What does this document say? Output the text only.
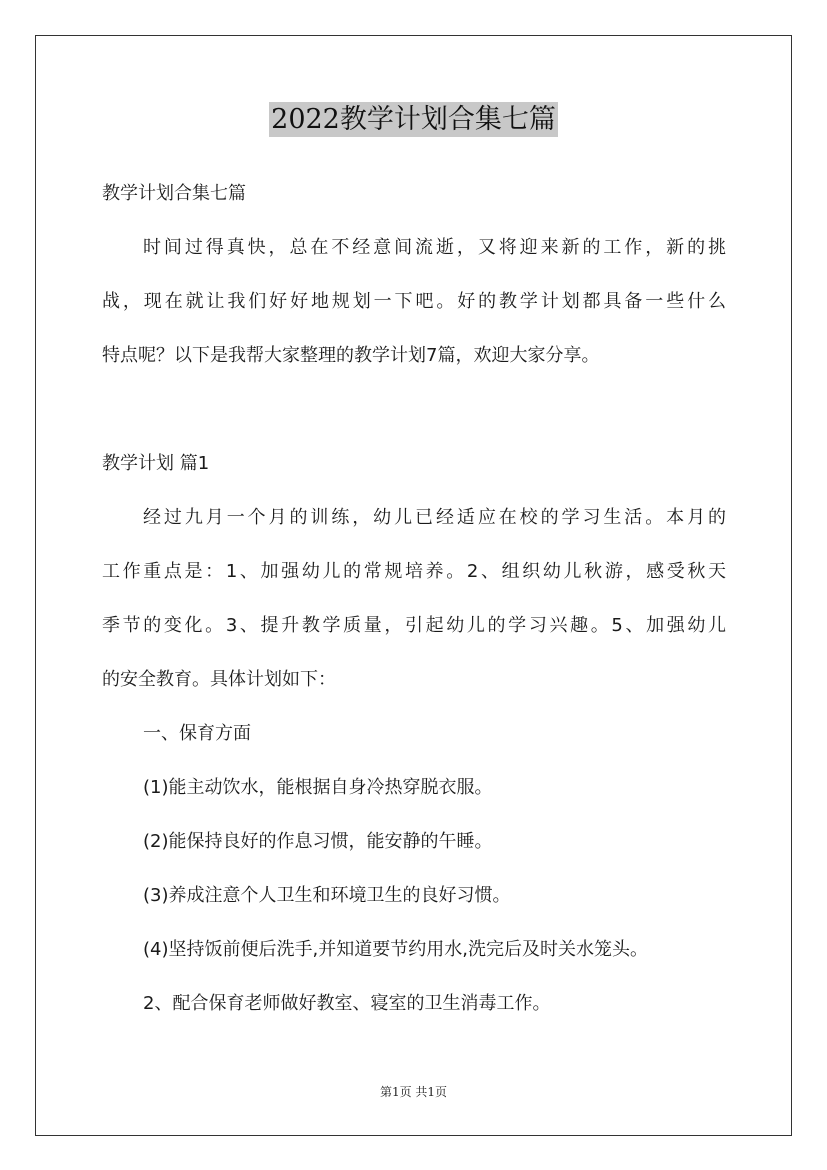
2022教学计划合集七篇
教学计划合集七篇
时间过得真快，总在不经意间流逝，又将迎来新的工作，新的挑
战，现在就让我们好好地规划一下吧。好的教学计划都具备一些什么
特点呢？以下是我帮大家整理的教学计划7篇，欢迎大家分享。
教学计划 篇1
经过九月一个月的训练，幼儿已经适应在校的学习生活。本月的
工作重点是：1、加强幼儿的常规培养。2、组织幼儿秋游，感受秋天
季节的变化。3、提升教学质量，引起幼儿的学习兴趣。5、加强幼儿
的安全教育。具体计划如下：
一、保育方面
(1)能主动饮水，能根据自身冷热穿脱衣服。
(2)能保持良好的作息习惯，能安静的午睡。
(3)养成注意个人卫生和环境卫生的良好习惯。
(4)坚持饭前便后洗手,并知道要节约用水,洗完后及时关水笼头。
2、配合保育老师做好教室、寝室的卫生消毒工作。
第1页 共1页
